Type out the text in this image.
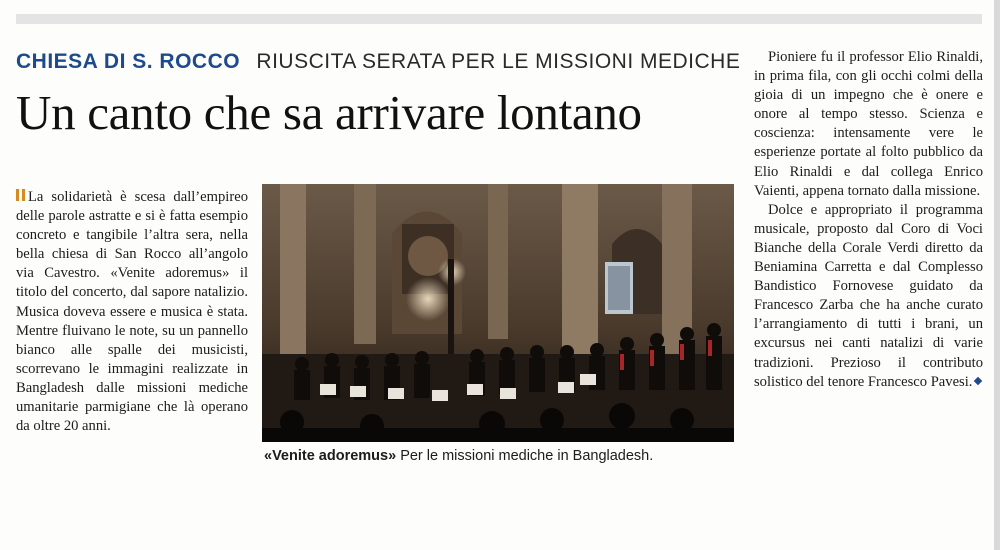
CHIESA DI S. ROCCO RIUSCITA SERATA PER LE MISSIONI MEDICHE
Un canto che sa arrivare lontano
La solidarietà è scesa dall’empireo delle parole astratte e si è fatta esempio concreto e tangibile l’altra sera, nella bella chiesa di San Rocco all’angolo via Cavestro. «Venite adoremus» il titolo del concerto, dal sapore natalizio. Musica doveva essere e musica è stata. Mentre fluivano le note, su un pannello bianco alle spalle dei musicisti, scorrevano le immagini realizzate in Bangladesh dalle missioni mediche umanitarie parmigiane che là operano da oltre 20 anni.
«Venite adoremus» Per le missioni mediche in Bangladesh.

Pioniere fu il professor Elio Rinaldi, in prima fila, con gli occhi colmi della gioia di un impegno che è onere e onore al tempo stesso. Scienza e coscienza: intensamente vere le esperienze portate al folto pubblico da Elio Rinaldi e dal collega Enrico Vaienti, appena tornato dalla missione.

Dolce e appropriato il programma musicale, proposto dal Coro di Voci Bianche della Corale Verdi diretto da Beniamina Carretta e dal Complesso Bandistico Fornovese guidato da Francesco Zarba che ha anche curato l’arrangiamento di tutti i brani, un excursus nei canti natalizi di varie tradizioni. Prezioso il contributo solistico del tenore Francesco Pavesi.
